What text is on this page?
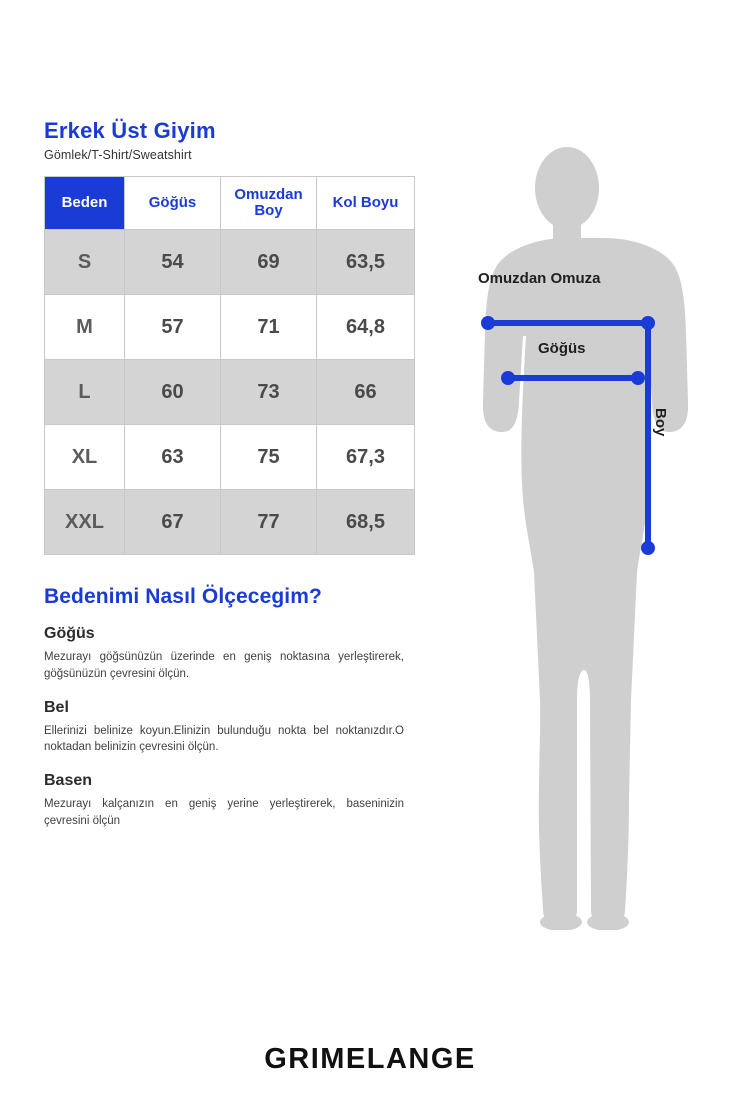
Erkek Üst Giyim
Gömlek/T-Shirt/Sweatshirt
Beden	Göğüs	Omuzdan Boy	Kol Boyu
S	54	69	63,5
M	57	71	64,8
L	60	73	66
XL	63	75	67,3
XXL	67	77	68,5
Bedenimi Nasıl Ölçecegim?
Göğüs

Mezurayı göğsünüzün üzerinde en geniş noktasına yerleştirerek, göğsünüzün çevresini ölçün.

Bel

Ellerinizi belinize koyun.Elinizin bulunduğu nokta bel noktanızdır.O noktadan belinizin çevresini ölçün.

Basen

Mezurayı kalçanızın en geniş yerine yerleştirerek, baseninizin çevresini ölçün

Omuzdan Omuza
Göğüs
Boy
GRIMELANGE
